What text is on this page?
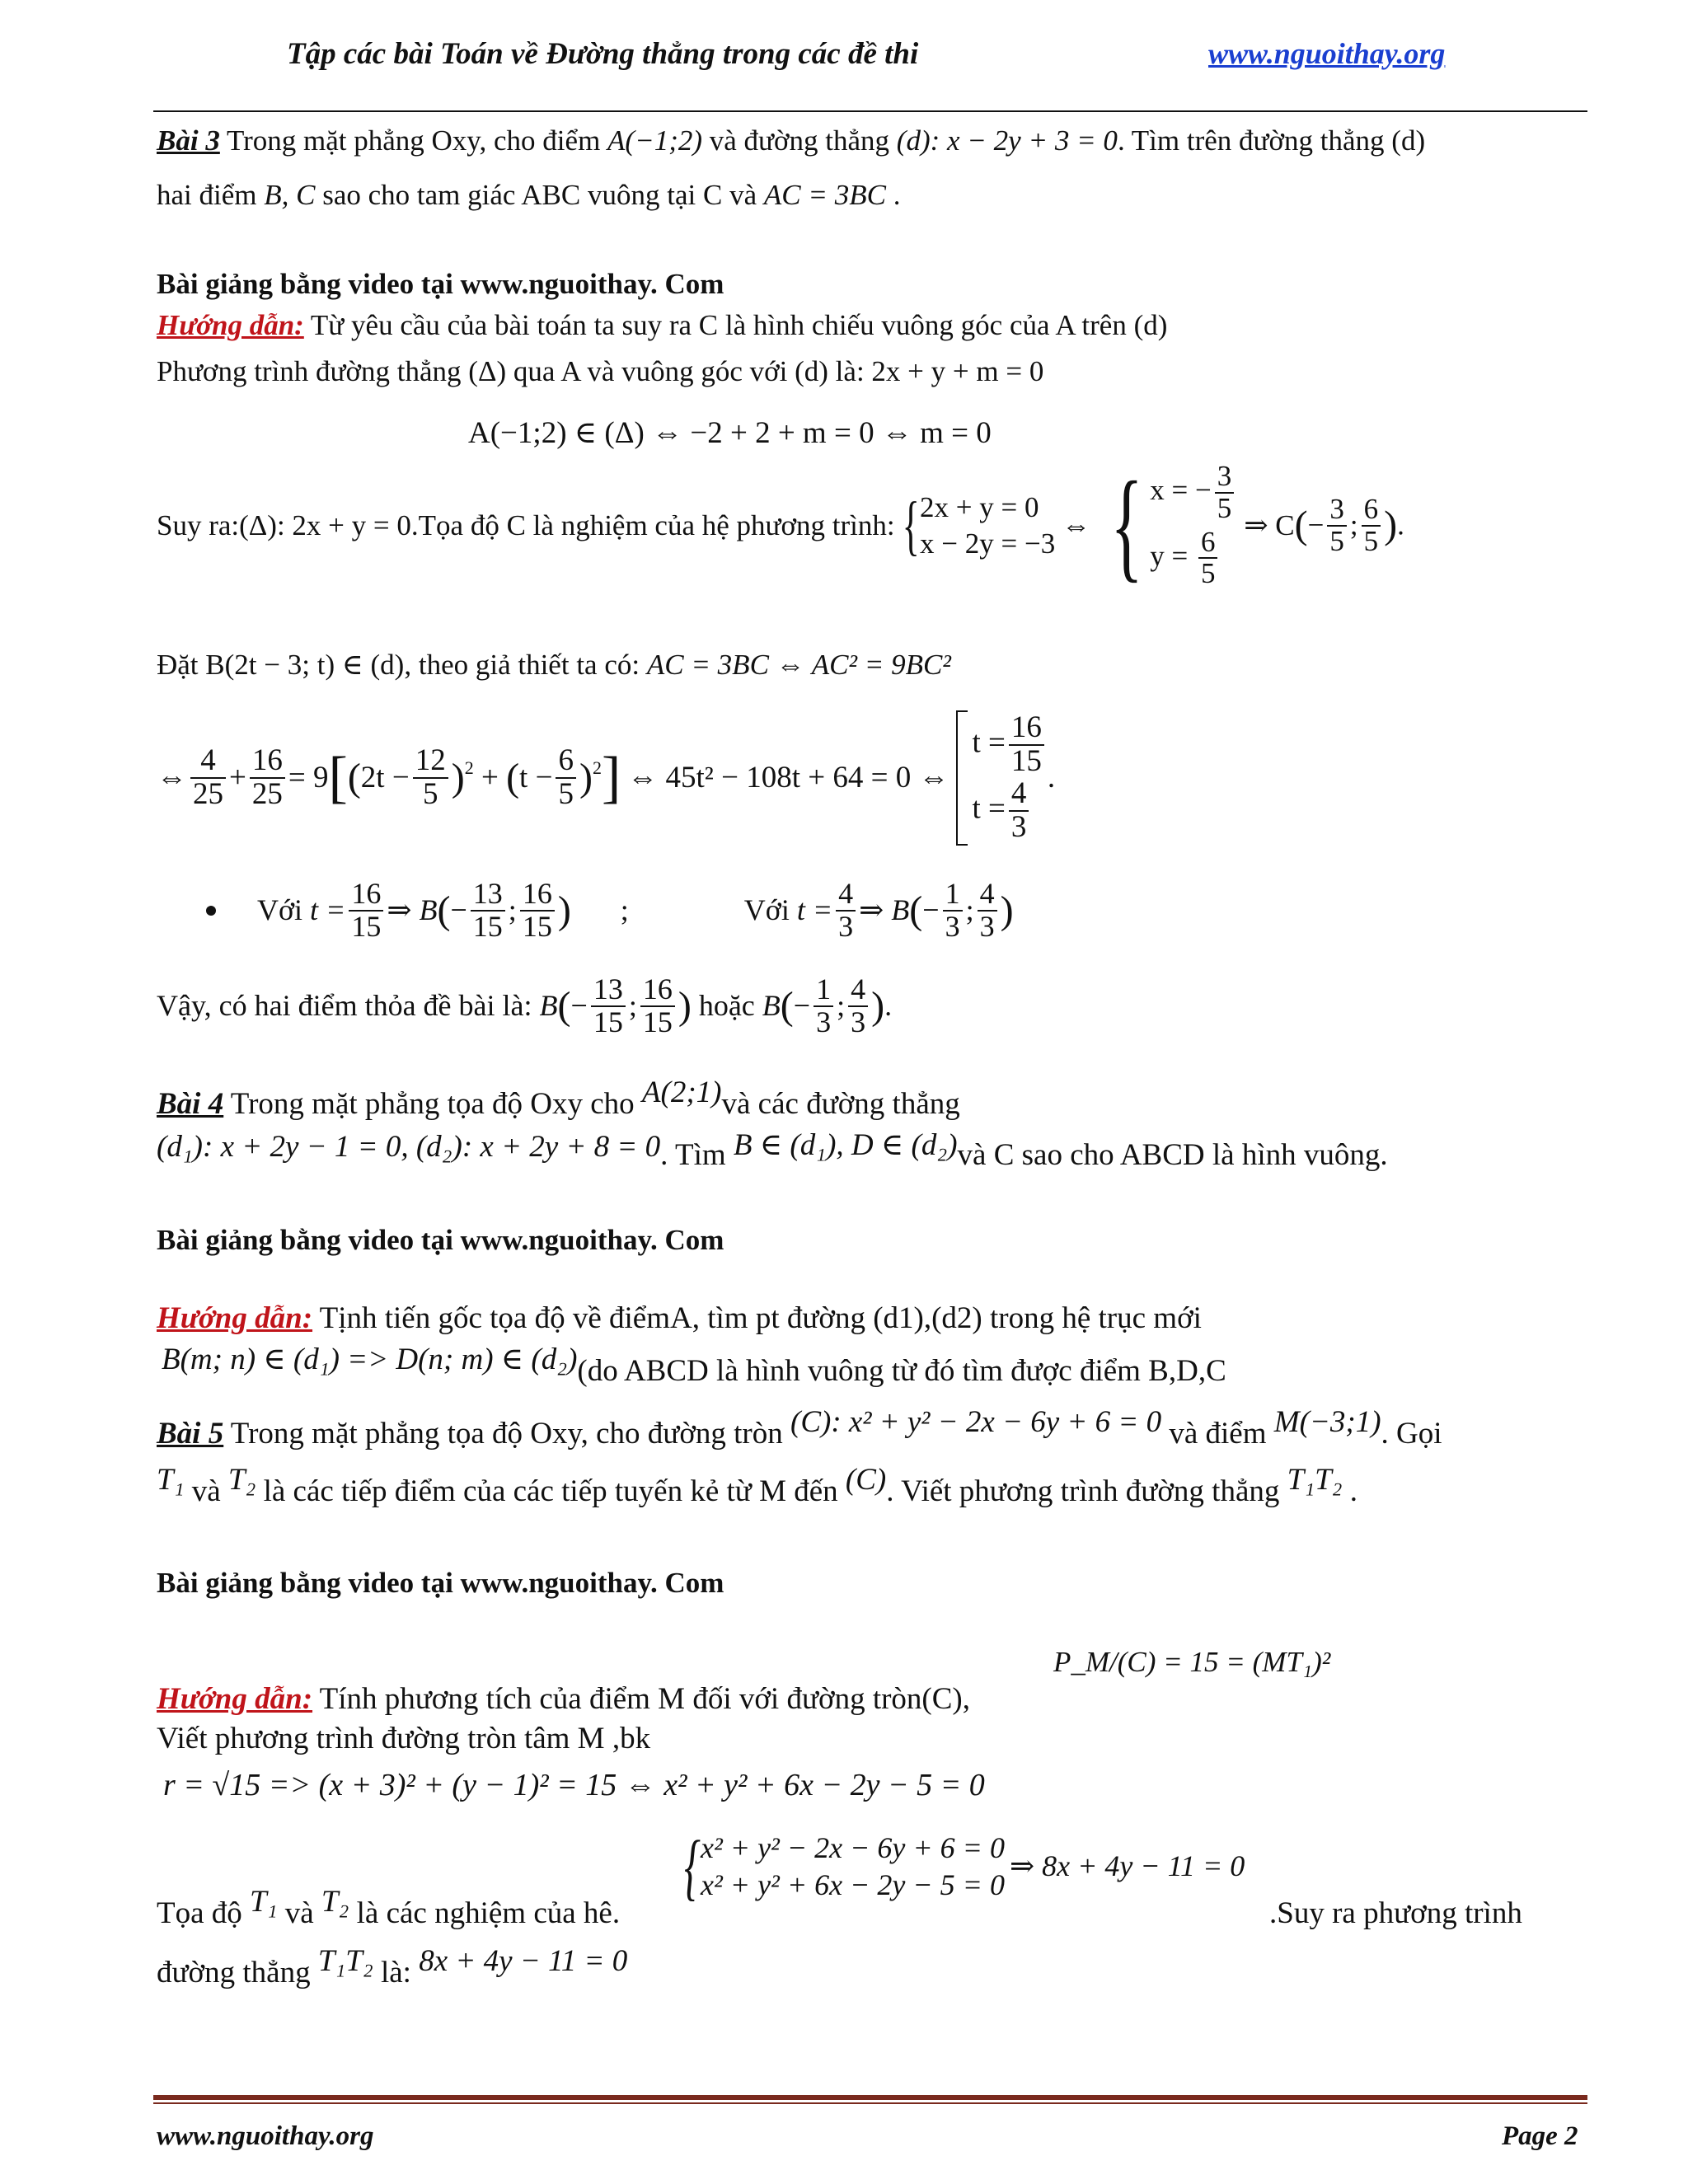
Tập các bài Toán về Đường thẳng trong các đề thi	www.nguoithay.org
Bài 3 Trong mặt phẳng Oxy, cho điểm A(−1;2) và đường thẳng (d): x − 2y + 3 = 0. Tìm trên đường thẳng (d)
hai điểm B, C sao cho tam giác ABC vuông tại C và AC = 3BC .
Bài giảng bằng video tại www.nguoithay. Com
Hướng dẫn: Từ yêu cầu của bài toán ta suy ra C là hình chiếu vuông góc của A trên (d)
Phương trình đường thẳng (Δ) qua A và vuông góc với (d) là: 2x + y + m = 0
A(−1;2) ∈ (Δ) ⇔ −2 + 2 + m = 0 ⇔ m = 0
Suy ra:(Δ): 2x + y = 0.Tọa độ C là nghiệm của hệ phương trình:{ 2x + y = 0
x − 2y = −3
⇔ { x = − $\frac{3}{5}$
$y = \frac{6}{5}$
⇒ $C(- \frac{3}{5}$ ; $\frac{6}{5}$ ).
Đặt B(2t − 3; t) ∈ (d), theo giả thiết ta có: AC = 3BC ⇔ AC² = 9BC²
⇔ $\frac{4}{25} + \frac{16}{25} = 9[(2t - \frac{12}{5} )^2 + (t - \frac{6}{5} )^2]$ ⇔ 45t² − 108t + 64 = 0 ⇔
$t = \frac{16}{15}$
$t = \frac{4}{3}$
.
Với $t = \frac{16}{15}$ ⇒ $B(- \frac{13}{15}$ ; $\frac{16}{15}$ ) ;	Với $t = \frac{4}{3}$ ⇒ $B(- \frac{1}{3}$ ; $\frac{4}{3}$ )
Vậy, có hai điểm thỏa đề bài là: $B(- \frac{13}{15}$ ; $\frac{16}{15}$ ) hoặc $B(- \frac{1}{3}$ ; $\frac{4}{3}$ ).
Bài 4 Trong mặt phẳng tọa độ Oxy cho A(2;1)và các đường thẳng
(d₁): x + 2y − 1 = 0, (d₂): x + 2y + 8 = 0. Tìm B ∈ (d₁), D ∈ (d₂)và C sao cho ABCD là hình vuông.
Bài giảng bằng video tại www.nguoithay. Com
Hướng dẫn: Tịnh tiến gốc tọa độ về điểmA, tìm pt đường (d1),(d2) trong hệ trục mới
B(m; n) ∈ (d₁) => D(n; m) ∈ (d₂)(do ABCD là hình vuông từ đó tìm được điểm B,D,C
Bài 5 Trong mặt phẳng tọa độ Oxy, cho đường tròn (C): x² + y² − 2x − 6y + 6 = 0 và điểm M(−3;1). Gọi
T₁ và T₂ là các tiếp điểm của các tiếp tuyến kẻ từ M đến (C). Viết phương trình đường thẳng T₁T₂ .
Bài giảng bằng video tại www.nguoithay. Com
P_M/(C) = 15 = (MT₁)²
Hướng dẫn: Tính phương tích của điểm M đối với đường tròn(C),
Viết phương trình đường tròn tâm M ,bk
r = √15 => (x + 3)² + (y − 1)² = 15 ⇔ x² + y² + 6x − 2y − 5 = 0
{ x² + y² − 2x − 6y + 6 = 0
x² + y² + 6x − 2y − 5 = 0
⇒ 8x + 4y − 11 = 0
Tọa độ T₁ và T₂ là các nghiệm của hê.	.Suy ra phương trình
đường thẳng T₁T₂ là: 8x + 4y − 11 = 0
www.nguoithay.org	Page 2
